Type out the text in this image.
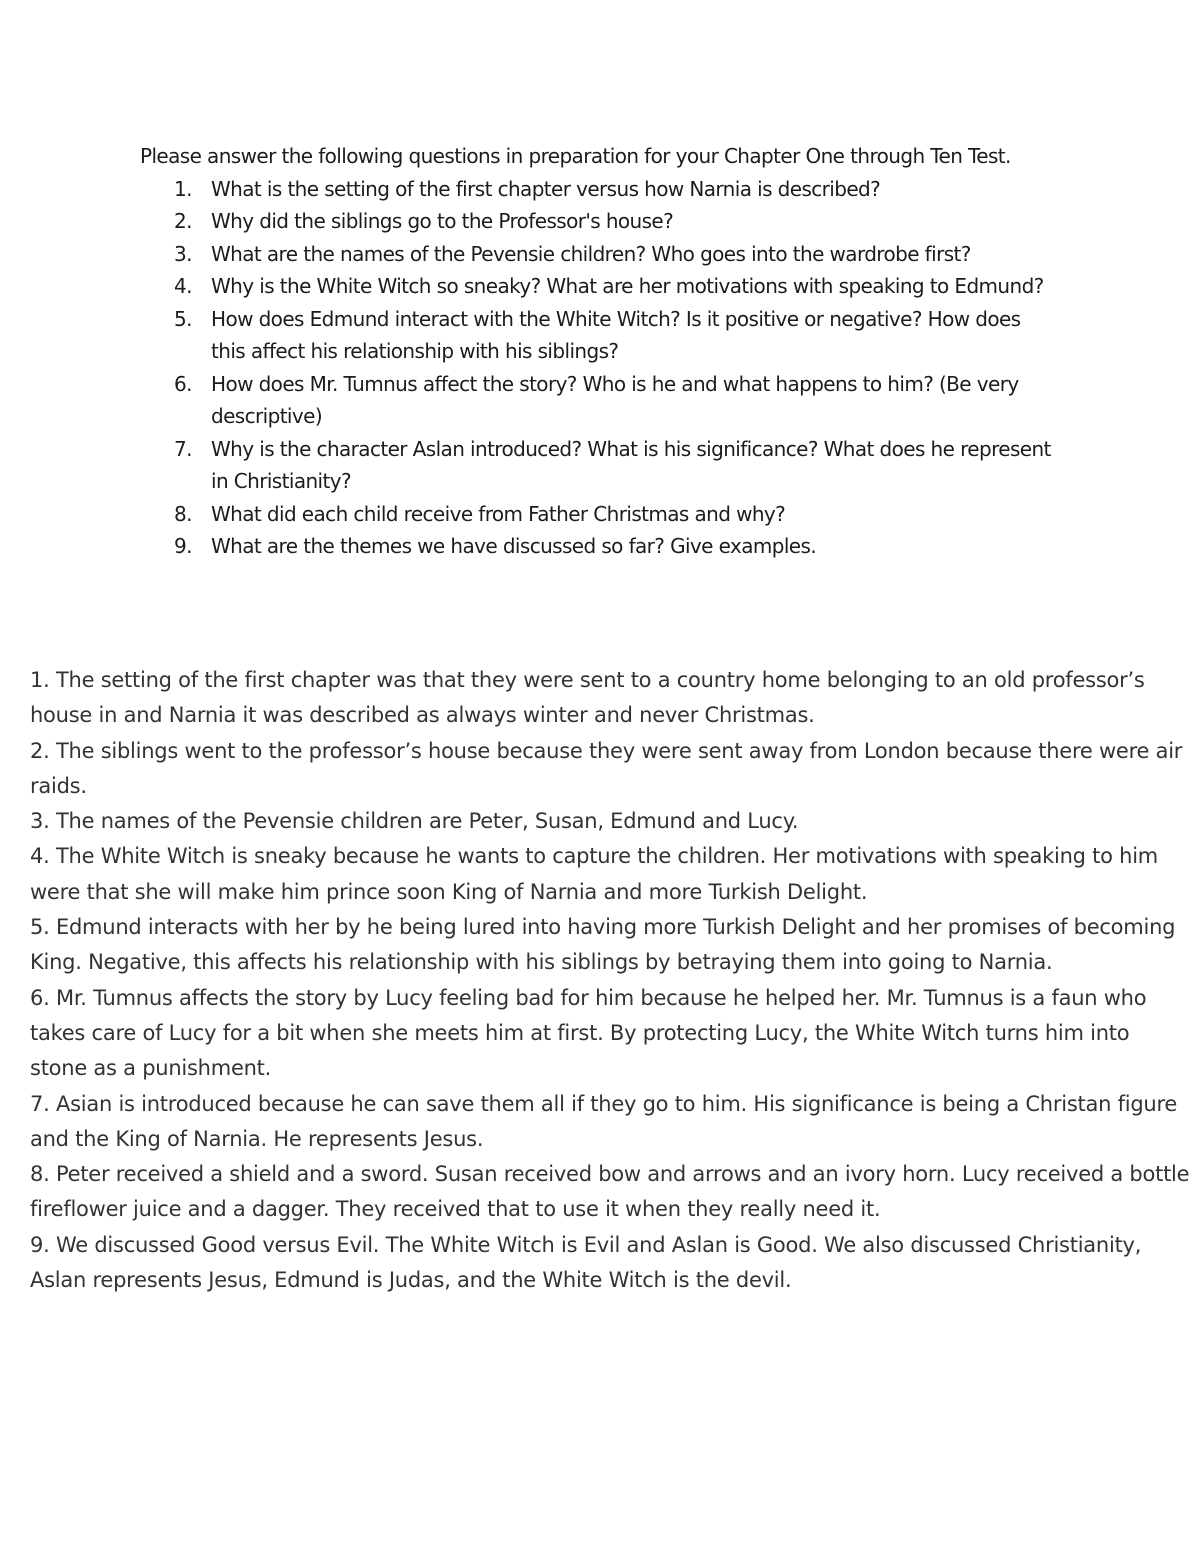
Please answer the following questions in preparation for your Chapter One through Ten Test.

1. What is the setting of the first chapter versus how Narnia is described?
2. Why did the siblings go to the Professor's house?
3. What are the names of the Pevensie children? Who goes into the wardrobe first?
4. Why is the White Witch so sneaky? What are her motivations with speaking to Edmund?
5. How does Edmund interact with the White Witch? Is it positive or negative? How does this affect his relationship with his siblings?
6. How does Mr. Tumnus affect the story? Who is he and what happens to him? (Be very descriptive)
7. Why is the character Aslan introduced? What is his significance? What does he represent in Christianity?
8. What did each child receive from Father Christmas and why?
9. What are the themes we have discussed so far? Give examples.

1. The setting of the first chapter was that they were sent to a country home belonging to an old professor’s house in and Narnia it was described as always winter and never Christmas.

2. The siblings went to the professor’s house because they were sent away from London because there were air raids.

3. The names of the Pevensie children are Peter, Susan, Edmund and Lucy.

4. The White Witch is sneaky because he wants to capture the children. Her motivations with speaking to him were that she will make him prince soon King of Narnia and more Turkish Delight.

5. Edmund interacts with her by he being lured into having more Turkish Delight and her promises of becoming King. Negative, this affects his relationship with his siblings by betraying them into going to Narnia.

6. Mr. Tumnus affects the story by Lucy feeling bad for him because he helped her. Mr. Tumnus is a faun who takes care of Lucy for a bit when she meets him at first. By protecting Lucy, the White Witch turns him into stone as a punishment.

7. Asian is introduced because he can save them all if they go to him. His significance is being a Christan figure and the King of Narnia. He represents Jesus.

8. Peter received a shield and a sword. Susan received bow and arrows and an ivory horn. Lucy received a bottle fireflower juice and a dagger. They received that to use it when they really need it.

9. We discussed Good versus Evil. The White Witch is Evil and Aslan is Good. We also discussed Christianity, Aslan represents Jesus, Edmund is Judas, and the White Witch is the devil.
